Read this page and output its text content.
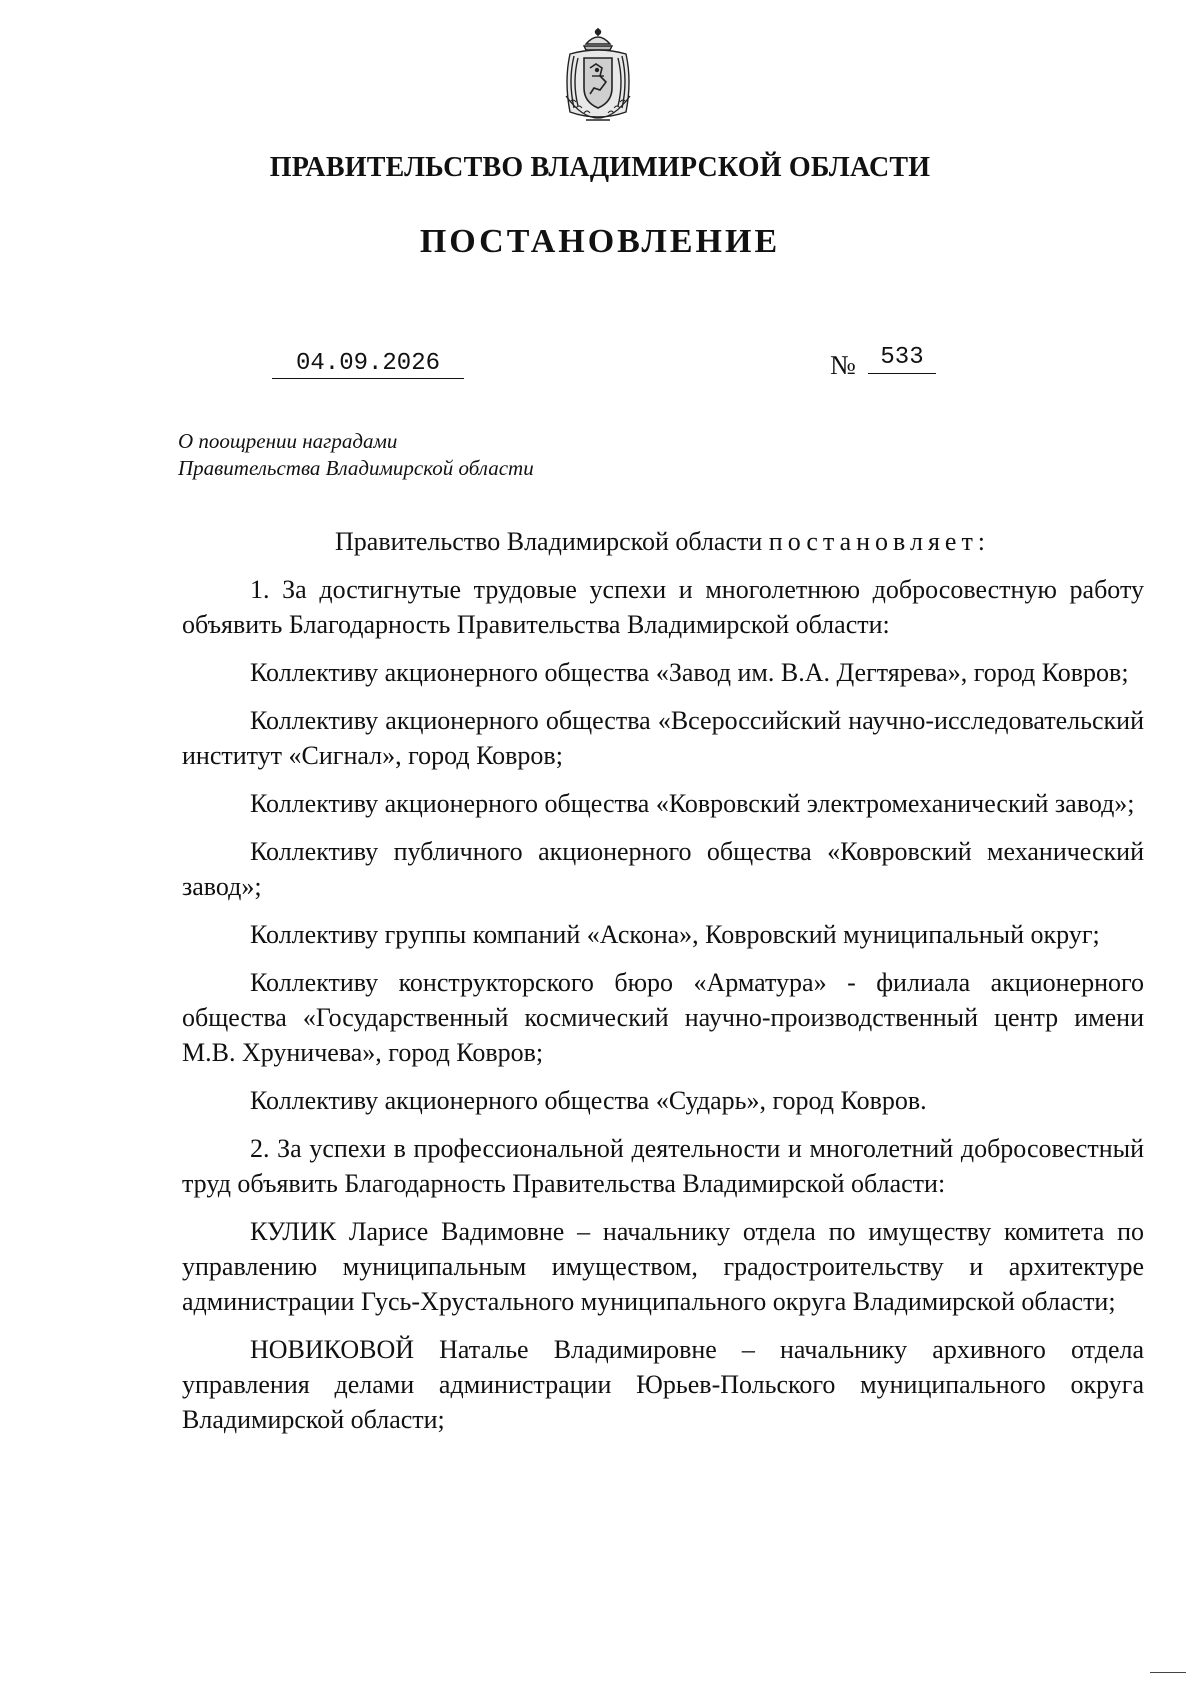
ПРАВИТЕЛЬСТВО ВЛАДИМИРСКОЙ ОБЛАСТИ
ПОСТАНОВЛЕНИЕ
04.09.2026	№	533
О поощрении наградами
Правительства Владимирской области

Правительство Владимирской области постановляет:

1. За достигнутые трудовые успехи и многолетнюю добросовестную работу объявить Благодарность Правительства Владимирской области:

Коллективу акционерного общества «Завод им. В.А. Дегтярева», город Ковров;

Коллективу акционерного общества «Всероссийский научно-исследовательский институт «Сигнал», город Ковров;

Коллективу акционерного общества «Ковровский электромеханический завод»;

Коллективу публичного акционерного общества «Ковровский механический завод»;

Коллективу группы компаний «Аскона», Ковровский муниципальный округ;

Коллективу конструкторского бюро «Арматура» - филиала акционерного общества «Государственный космический научно-производственный центр имени М.В. Хруничева», город Ковров;

Коллективу акционерного общества «Сударь», город Ковров.

2. За успехи в профессиональной деятельности и многолетний добросовестный труд объявить Благодарность Правительства Владимирской области:

КУЛИК Ларисе Вадимовне – начальнику отдела по имуществу комитета по управлению муниципальным имуществом, градостроительству и архитектуре администрации Гусь-Хрустального муниципального округа Владимирской области;

НОВИКОВОЙ Наталье Владимировне – начальнику архивного отдела управления делами администрации Юрьев-Польского муниципального округа Владимирской области;
